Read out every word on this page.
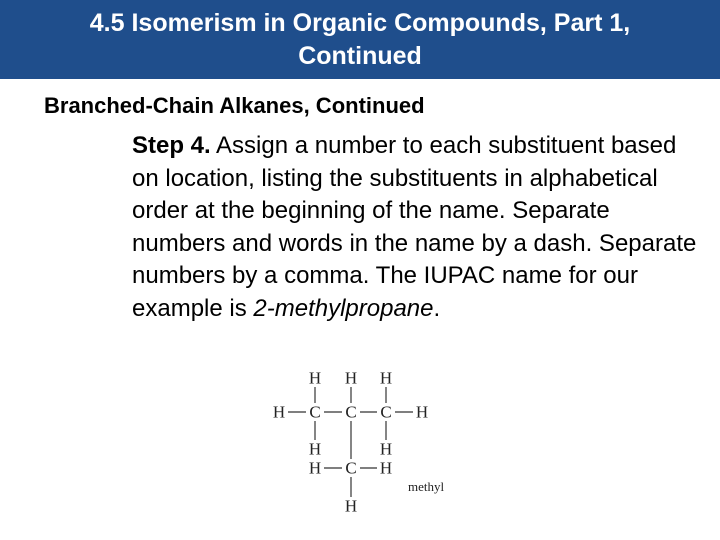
4.5 Isomerism in Organic Compounds, Part 1,
Continued
Branched-Chain Alkanes, Continued
Step 4. Assign a number to each substituent based on location, listing the substituents in alphabetical order at the beginning of the name. Separate numbers and words in the name by a dash. Separate numbers by a comma. The IUPAC name for our example is 2-methylpropane.
H H H
H C C C H
H	H
H C H
H
methyl
